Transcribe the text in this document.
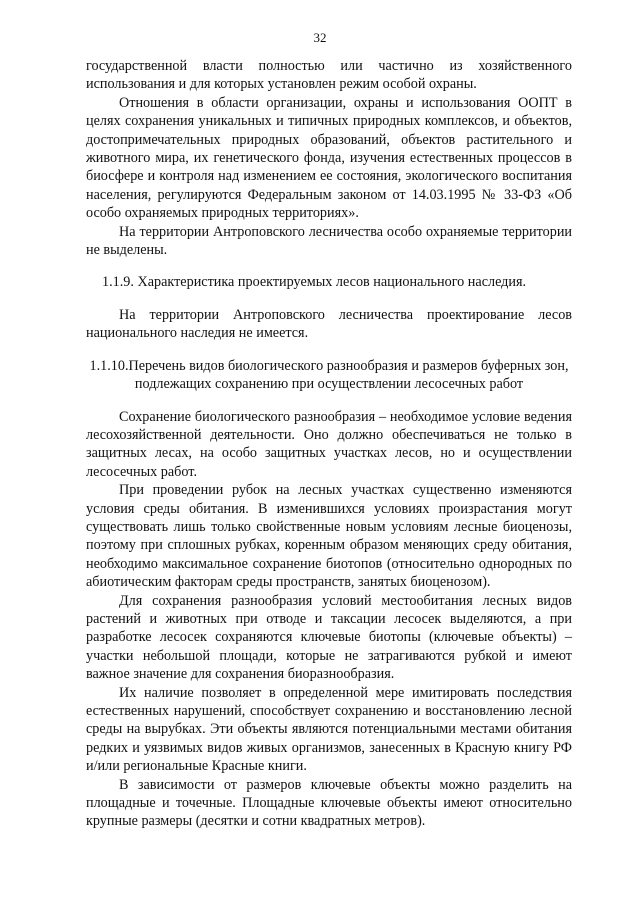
32

государственной власти полностью или частично из хозяйственного использования и для которых установлен режим особой охраны.

Отношения в области организации, охраны и использования ООПТ в целях сохранения уникальных и типичных природных комплексов, и объектов, достопримечательных природных образований, объектов растительного и животного мира, их генетического фонда, изучения естественных процессов в биосфере и контроля над изменением ее состояния, экологического воспитания населения, регулируются Федеральным законом от 14.03.1995 № 33-ФЗ «Об особо охраняемых природных территориях».

На территории Антроповского лесничества особо охраняемые территории не выделены.

1.1.9. Характеристика проектируемых лесов национального наследия.

На территории Антроповского лесничества проектирование лесов национального наследия не имеется.

1.1.10.Перечень видов биологического разнообразия и размеров буферных зон, подлежащих сохранению при осуществлении лесосечных работ

Сохранение биологического разнообразия – необходимое условие ведения лесохозяйственной деятельности. Оно должно обеспечиваться не только в защитных лесах, на особо защитных участках лесов, но и осуществлении лесосечных работ.

При проведении рубок на лесных участках существенно изменяются условия среды обитания. В изменившихся условиях произрастания могут существовать лишь только свойственные новым условиям лесные биоценозы, поэтому при сплошных рубках, коренным образом меняющих среду обитания, необходимо максимальное сохранение биотопов (относительно однородных по абиотическим факторам среды пространств, занятых биоценозом).

Для сохранения разнообразия условий местообитания лесных видов растений и животных при отводе и таксации лесосек выделяются, а при разработке лесосек сохраняются ключевые биотопы (ключевые объекты) – участки небольшой площади, которые не затрагиваются рубкой и имеют важное значение для сохранения биоразнообразия.

Их наличие позволяет в определенной мере имитировать последствия естественных нарушений, способствует сохранению и восстановлению лесной среды на вырубках. Эти объекты являются потенциальными местами обитания редких и уязвимых видов живых организмов, занесенных в Красную книгу РФ и/или региональные Красные книги.

В зависимости от размеров ключевые объекты можно разделить на площадные и точечные. Площадные ключевые объекты имеют относительно крупные размеры (десятки и сотни квадратных метров).
